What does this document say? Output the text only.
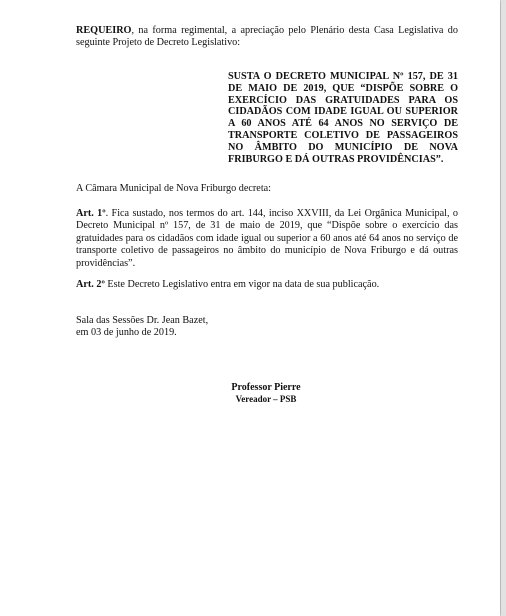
REQUEIRO, na forma regimental, a apreciação pelo Plenário desta Casa Legislativa do seguinte Projeto de Decreto Legislativo:

SUSTA O DECRETO MUNICIPAL Nº 157, DE 31 DE MAIO DE 2019, QUE “DISPÕE SOBRE O EXERCÍCIO DAS GRATUIDADES PARA OS CIDADÃOS COM IDADE IGUAL OU SUPERIOR A 60 ANOS ATÉ 64 ANOS NO SERVIÇO DE TRANSPORTE COLETIVO DE PASSAGEIROS NO ÂMBITO DO MUNICÍPIO DE NOVA FRIBURGO E DÁ OUTRAS PROVIDÊNCIAS”.

A Câmara Municipal de Nova Friburgo decreta:

Art. 1º. Fica sustado, nos termos do art. 144, inciso XXVIII, da Lei Orgânica Municipal, o Decreto Municipal nº 157, de 31 de maio de 2019, que “Dispõe sobre o exercício das gratuidades para os cidadãos com idade igual ou superior a 60 anos até 64 anos no serviço de transporte coletivo de passageiros no âmbito do município de Nova Friburgo e dá outras providências”.

Art. 2º Este Decreto Legislativo entra em vigor na data de sua publicação.

Sala das Sessões Dr. Jean Bazet,
em 03 de junho de 2019.

Professor Pierre

Vereador – PSB
